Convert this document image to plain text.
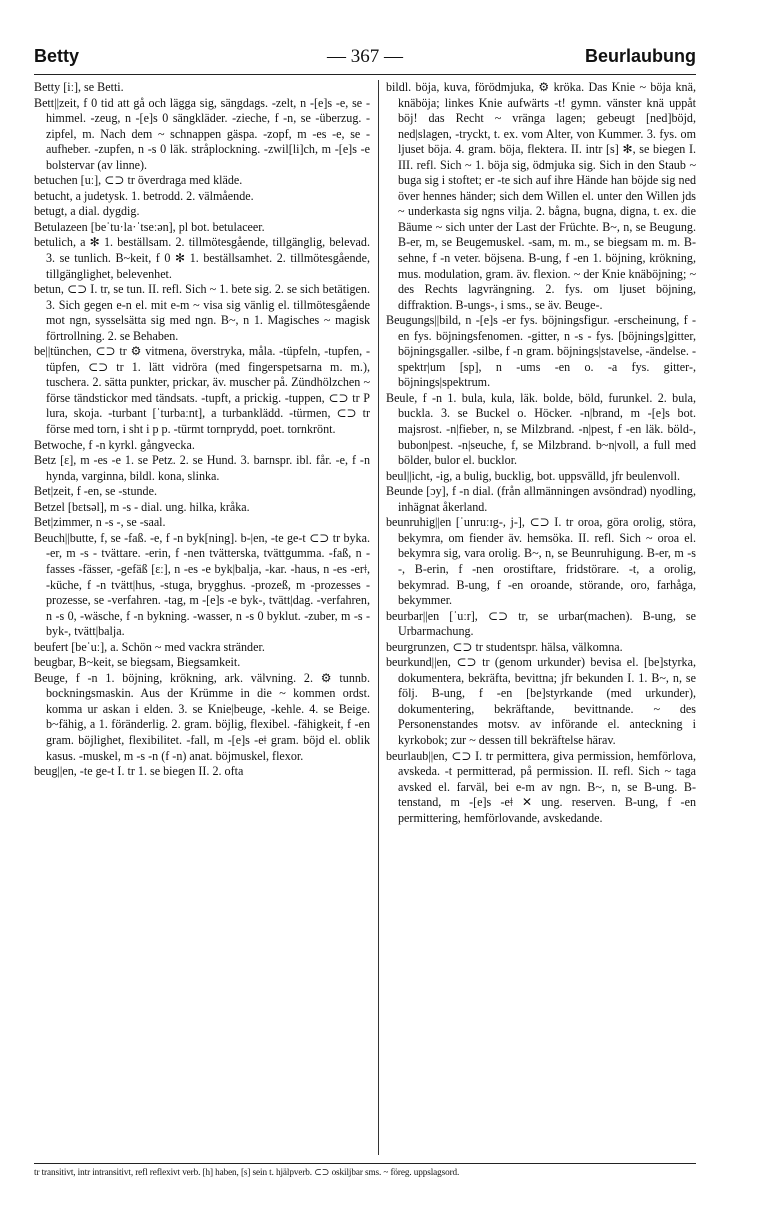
Betty	— 367 —	Beurlaubung

Betty [iː], se Betti.

Bett||zeit, f 0 tid att gå och lägga sig, sängdags. -zelt, n -[e]s -e, se -himmel. -zeug, n -[e]s 0 sängkläder. -zieche, f -n, se -überzug. -zipfel, m. Nach dem ~ schnappen gäspa. -zopf, m -es -e, se -aufheber. -zupfen, n -s 0 läk. stråplockning. -zwil[li]ch, m -[e]s -e bolstervar (av linne).

betuchen [uː], ⊂⊃ tr överdraga med kläde.

betucht, a judetysk. 1. betrodd. 2. välmående.

betugt, a dial. dygdig.

Betulazeen [beˈtu·la·ˈtseːən], pl bot. betulaceer.

betulich, a ✻ 1. beställsam. 2. tillmötesgående, tillgänglig, belevad. 3. se tunlich. B~keit, f 0 ✻ 1. beställsamhet. 2. tillmötesgående, tillgänglighet, belevenhet.

betun, ⊂⊃ I. tr, se tun. II. refl. Sich ~ 1. bete sig. 2. se sich betätigen. 3. Sich gegen e-n el. mit e-m ~ visa sig vänlig el. tillmötesgående mot ngn, sysselsätta sig med ngn. B~, n 1. Magisches ~ magisk förtrollning. 2. se Behaben.

be||tünchen, ⊂⊃ tr ⚙ vitmena, överstryka, måla. -tüpfeln, -tupfen, -tüpfen, ⊂⊃ tr 1. lätt vidröra (med fingerspetsarna m. m.), tuschera. 2. sätta punkter, prickar, äv. muscher på. Zündhölzchen ~ förse tändstickor med tändsats. -tupft, a prickig. -tuppen, ⊂⊃ tr P lura, skoja. -turbant [ˈturbaːnt], a turbanklädd. -türmen, ⊂⊃ tr förse med torn, i sht i p p. -türmt tornprydd, poet. tornkrönt.

Betwoche, f -n kyrkl. gångvecka.

Betz [ɛ], m -es -e 1. se Petz. 2. se Hund. 3. barnspr. ibl. får. -e, f -n hynda, varginna, bildl. kona, slinka.

Bet|zeit, f -en, se -stunde.

Betzel [bɛtsəl], m -s - dial. ung. hilka, kråka.

Bet|zimmer, n -s -, se -saal.

Beuch||butte, f, se -faß. -e, f -n byk[ning]. b-|en, -te ge-t ⊂⊃ tr byka. -er, m -s - tvättare. -erin, f -nen tvätterska, tvättgumma. -faß, n -fasses -fässer, -gefäß [ɛː], n -es -e byk|balja, -kar. -haus, n -es -erǂ, -küche, f -n tvätt|hus, -stuga, brygghus. -prozeß, m -prozesses -prozesse, se -verfahren. -tag, m -[e]s -e byk-, tvätt|dag. -verfahren, n -s 0, -wäsche, f -n bykning. -wasser, n -s 0 byklut. -zuber, m -s - byk-, tvätt|balja.

beufert [beˈuː], a. Schön ~ med vackra stränder.

beugbar, B~keit, se biegsam, Biegsamkeit.

Beuge, f -n 1. böjning, krökning, ark. välvning. 2. ⚙ tunnb. bockningsmaskin. Aus der Krümme in die ~ kommen ordst. komma ur askan i elden. 3. se Knie|beuge, -kehle. 4. se Beige. b~fähig, a 1. föränderlig. 2. gram. böjlig, flexibel. -fähigkeit, f -en gram. böjlighet, flexibilitet. -fall, m -[e]s -eǂ gram. böjd el. oblik kasus. -muskel, m -s -n (f -n) anat. böjmuskel, flexor.

beug||en, -te ge-t I. tr 1. se biegen II. 2. ofta

bildl. böja, kuva, förödmjuka, ⚙ kröka. Das Knie ~ böja knä, knäböja; linkes Knie aufwärts -t! gymn. vänster knä uppåt böj! das Recht ~ vränga lagen; gebeugt [ned]böjd, ned|slagen, -tryckt, t. ex. vom Alter, von Kummer. 3. fys. om ljuset böja. 4. gram. böja, flektera. II. intr [s] ✻, se biegen I. III. refl. Sich ~ 1. böja sig, ödmjuka sig. Sich in den Staub ~ buga sig i stoftet; er -te sich auf ihre Hände han böjde sig ned över hennes händer; sich dem Willen el. unter den Willen jds ~ underkasta sig ngns vilja. 2. bågna, bugna, digna, t. ex. die Bäume ~ sich unter der Last der Früchte. B~, n, se Beugung. B-er, m, se Beugemuskel. -sam, m. m., se biegsam m. m. B-sehne, f -n veter. böjsena. B-ung, f -en 1. böjning, krökning, mus. modulation, gram. äv. flexion. ~ der Knie knäböjning; ~ des Rechts lagvrängning. 2. fys. om ljuset böjning, diffraktion. B-ungs-, i sms., se äv. Beuge-.

Beugungs||bild, n -[e]s -er fys. böjningsfigur. -erscheinung, f -en fys. böjningsfenomen. -gitter, n -s - fys. [böjnings]gitter, böjningsgaller. -silbe, f -n gram. böjnings|stavelse, -ändelse. -spektr|um [sp], n -ums -en o. -a fys. gitter-, böjnings|spektrum.

Beule, f -n 1. bula, kula, läk. bolde, böld, furunkel. 2. bula, buckla. 3. se Buckel o. Höcker. -n|brand, m -[e]s bot. majsrost. -n|fieber, n, se Milzbrand. -n|pest, f -en läk. böld-, bubon|pest. -n|seuche, f, se Milzbrand. b~n|voll, a full med bölder, bulor el. bucklor.

beul||icht, -ig, a bulig, bucklig, bot. uppsvälld, jfr beulenvoll.

Beunde [ɔy], f -n dial. (från allmänningen avsöndrad) nyodling, inhägnat åkerland.

beunruhig||en [ˈunruːɪg-, j-], ⊂⊃ I. tr oroa, göra orolig, störa, bekymra, om fiender äv. hemsöka. II. refl. Sich ~ oroa el. bekymra sig, vara orolig. B~, n, se Beunruhigung. B-er, m -s -, B-erin, f -nen orostiftare, fridstörare. -t, a orolig, bekymrad. B-ung, f -en oroande, störande, oro, farhåga, bekymmer.

beurbar||en [ˈuːr], ⊂⊃ tr, se urbar(machen). B-ung, se Urbarmachung.

beurgrunzen, ⊂⊃ tr studentspr. hälsa, välkomna.

beurkund||en, ⊂⊃ tr (genom urkunder) bevisa el. [be]styrka, dokumentera, bekräfta, bevittna; jfr bekunden I. 1. B~, n, se följ. B-ung, f -en [be]styrkande (med urkunder), dokumentering, bekräftande, bevittnande. ~ des Personenstandes motsv. av införande el. anteckning i kyrkobok; zur ~ dessen till bekräftelse härav.

beurlaub||en, ⊂⊃ I. tr permittera, giva permission, hemförlova, avskeda. -t permitterad, på permission. II. refl. Sich ~ taga avsked el. farväl, bei e-m av ngn. B~, n, se B-ung. B-tenstand, m -[e]s -eǂ ✕ ung. reserven. B-ung, f -en permittering, hemförlovande, avskedande.

tr transitivt, intr intransitivt, refl reflexivt verb. [h] haben, [s] sein t. hjälpverb. ⊂⊃ oskiljbar sms. ~ föreg. uppslagsord.
